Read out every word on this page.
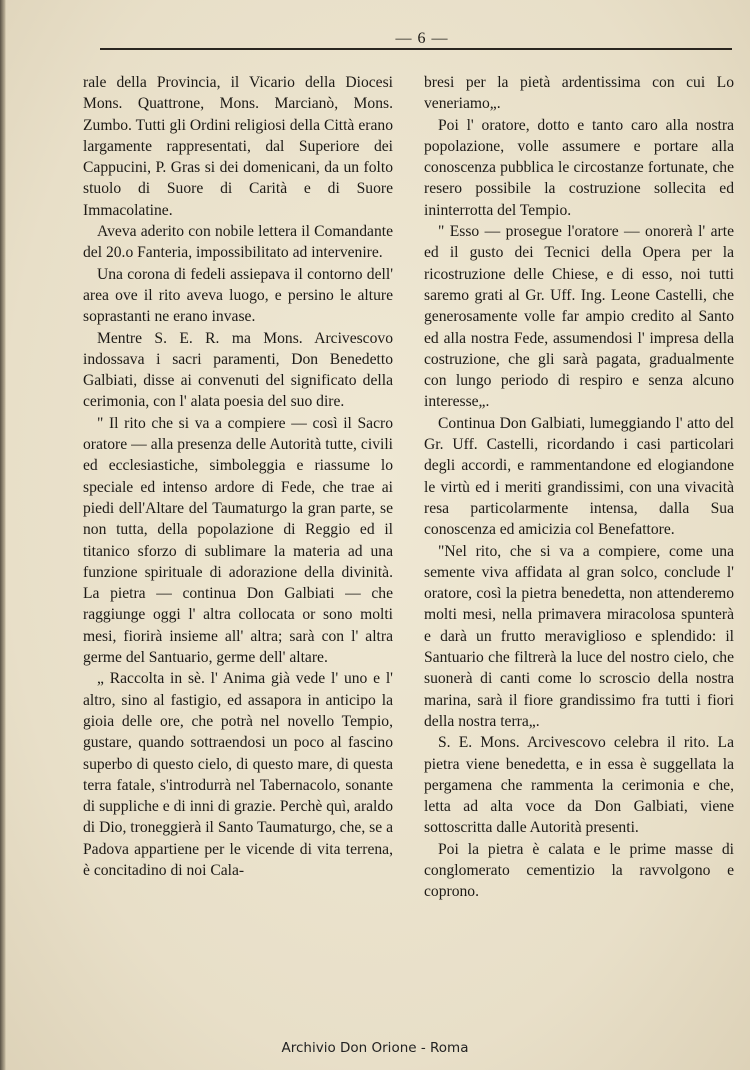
— 6 —

rale della Provincia, il Vicario della Diocesi Mons. Quattrone, Mons. Marcianò, Mons. Zumbo. Tutti gli Ordini religiosi della Città erano largamente rappresentati, dal Superiore dei Cappucini, P. Gras si dei domenicani, da un folto stuolo di Suore di Carità e di Suore Immacolatine.

Aveva aderito con nobile lettera il Comandante del 20.o Fanteria, impossibilitato ad intervenire.

Una corona di fedeli assiepava il contorno dell' area ove il rito aveva luogo, e persino le alture soprastanti ne erano invase.

Mentre S. E. R. ma Mons. Arcivescovo indossava i sacri paramenti, Don Benedetto Galbiati, disse ai convenuti del significato della cerimonia, con l' alata poesia del suo dire.

" Il rito che si va a compiere — così il Sacro oratore — alla presenza delle Autorità tutte, civili ed ecclesiastiche, simboleggia e riassume lo speciale ed intenso ardore di Fede, che trae ai piedi dell'Altare del Taumaturgo la gran parte, se non tutta, della popolazione di Reggio ed il titanico sforzo di sublimare la materia ad una funzione spirituale di adorazione della divinità. La pietra — continua Don Galbiati — che raggiunge oggi l' altra collocata or sono molti mesi, fiorirà insieme all' altra; sarà con l' altra germe del Santuario, germe dell' altare.

„ Raccolta in sè. l' Anima già vede l' uno e l' altro, sino al fastigio, ed assapora in anticipo la gioia delle ore, che potrà nel novello Tempio, gustare, quando sottraendosi un poco al fascino superbo di questo cielo, di questo mare, di questa terra fatale, s'introdurrà nel Tabernacolo, sonante di suppliche e di inni di grazie. Perchè quì, araldo di Dio, troneggierà il Santo Taumaturgo, che, se a Padova appartiene per le vicende di vita terrena, è concitadino di noi Cala-

bresi per la pietà ardentissima con cui Lo veneriamo„.

Poi l' oratore, dotto e tanto caro alla nostra popolazione, volle assumere e portare alla conoscenza pubblica le circostanze fortunate, che resero possibile la costruzione sollecita ed ininterrotta del Tempio.

" Esso — prosegue l'oratore — onorerà l' arte ed il gusto dei Tecnici della Opera per la ricostruzione delle Chiese, e di esso, noi tutti saremo grati al Gr. Uff. Ing. Leone Castelli, che generosamente volle far ampio credito al Santo ed alla nostra Fede, assumendosi l' impresa della costruzione, che gli sarà pagata, gradualmente con lungo periodo di respiro e senza alcuno interesse„.

Continua Don Galbiati, lumeggiando l' atto del Gr. Uff. Castelli, ricordando i casi particolari degli accordi, e rammentandone ed elogiandone le virtù ed i meriti grandissimi, con una vivacità resa particolarmente intensa, dalla Sua conoscenza ed amicizia col Benefattore.

"Nel rito, che si va a compiere, come una semente viva affidata al gran solco, conclude l' oratore, così la pietra benedetta, non attenderemo molti mesi, nella primavera miracolosa spunterà e darà un frutto meraviglioso e splendido: il Santuario che filtrerà la luce del nostro cielo, che suonerà di canti come lo scroscio della nostra marina, sarà il fiore grandissimo fra tutti i fiori della nostra terra„.

S. E. Mons. Arcivescovo celebra il rito. La pietra viene benedetta, e in essa è suggellata la pergamena che rammenta la cerimonia e che, letta ad alta voce da Don Galbiati, viene sottoscritta dalle Autorità presenti.

Poi la pietra è calata e le prime masse di conglomerato cementizio la ravvolgono e coprono.

Archivio Don Orione - Roma
